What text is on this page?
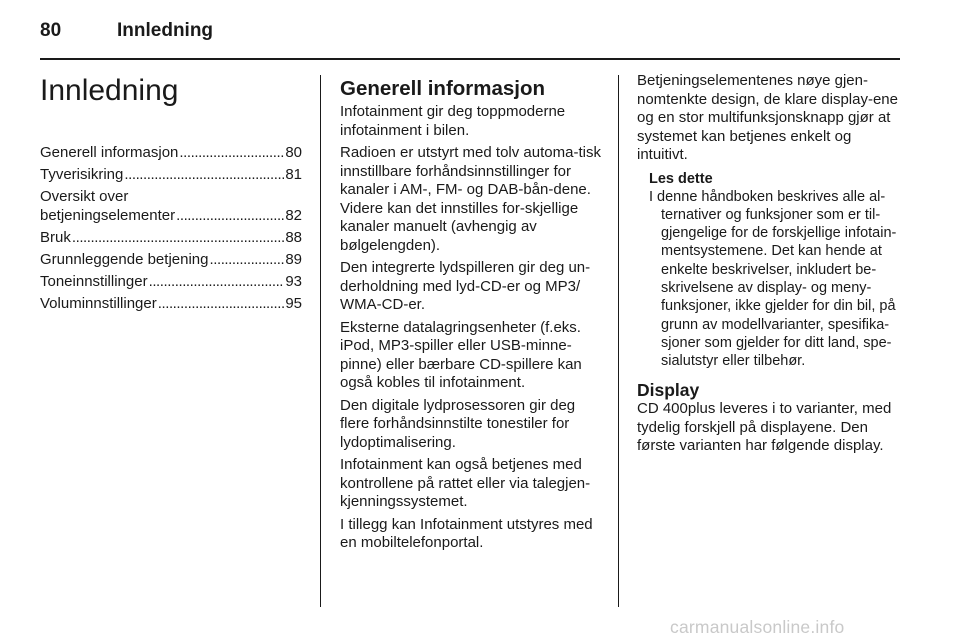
80	Innledning
Innledning
Generell informasjon . . .	80
Tyverisikring . . .	81
Oversikt over
betjeningselementer . . .	82
Bruk . . .	88
Grunnleggende betjening . . .	89
Toneinnstillinger . . .	93
Voluminnstillinger . . .	95
Generell informasjon

Infotainment gir deg toppmoderne infotainment i bilen.

Radioen er utstyrt med tolv automa-tisk innstillbare forhåndsinnstillinger for kanaler i AM-, FM- og DAB-bån-dene. Videre kan det innstilles for-skjellige kanaler manuelt (avhengig av bølgelengden).

Den integrerte lydspilleren gir deg un-derholdning med lyd-CD-er og MP3/ WMA-CD-er.

Eksterne datalagringsenheter (f.eks. iPod, MP3-spiller eller USB-minne-pinne) eller bærbare CD-spillere kan også kobles til infotainment.

Den digitale lydprosessoren gir deg flere forhåndsinnstilte tonestiler for lydoptimalisering.

Infotainment kan også betjenes med kontrollene på rattet eller via talegjen-kjenningssystemet.

I tillegg kan Infotainment utstyres med en mobiltelefonportal.

Betjeningselementenes nøye gjen-nomtenkte design, de klare display-ene og en stor multifunksjonsknapp gjør at systemet kan betjenes enkelt og intuitivt.

Les dette
I denne håndboken beskrives alle al-ternativer og funksjoner som er til-gjengelige for de forskjellige infotain-mentsystemene. Det kan hende at enkelte beskrivelser, inkludert be-skrivelsene av display- og meny-funksjoner, ikke gjelder for din bil, på grunn av modellvarianter, spesifika-sjoner som gjelder for ditt land, spe-sialutstyr eller tilbehør.
Display

CD 400plus leveres i to varianter, med tydelig forskjell på displayene. Den første varianten har følgende display.

carmanualsonline.info
